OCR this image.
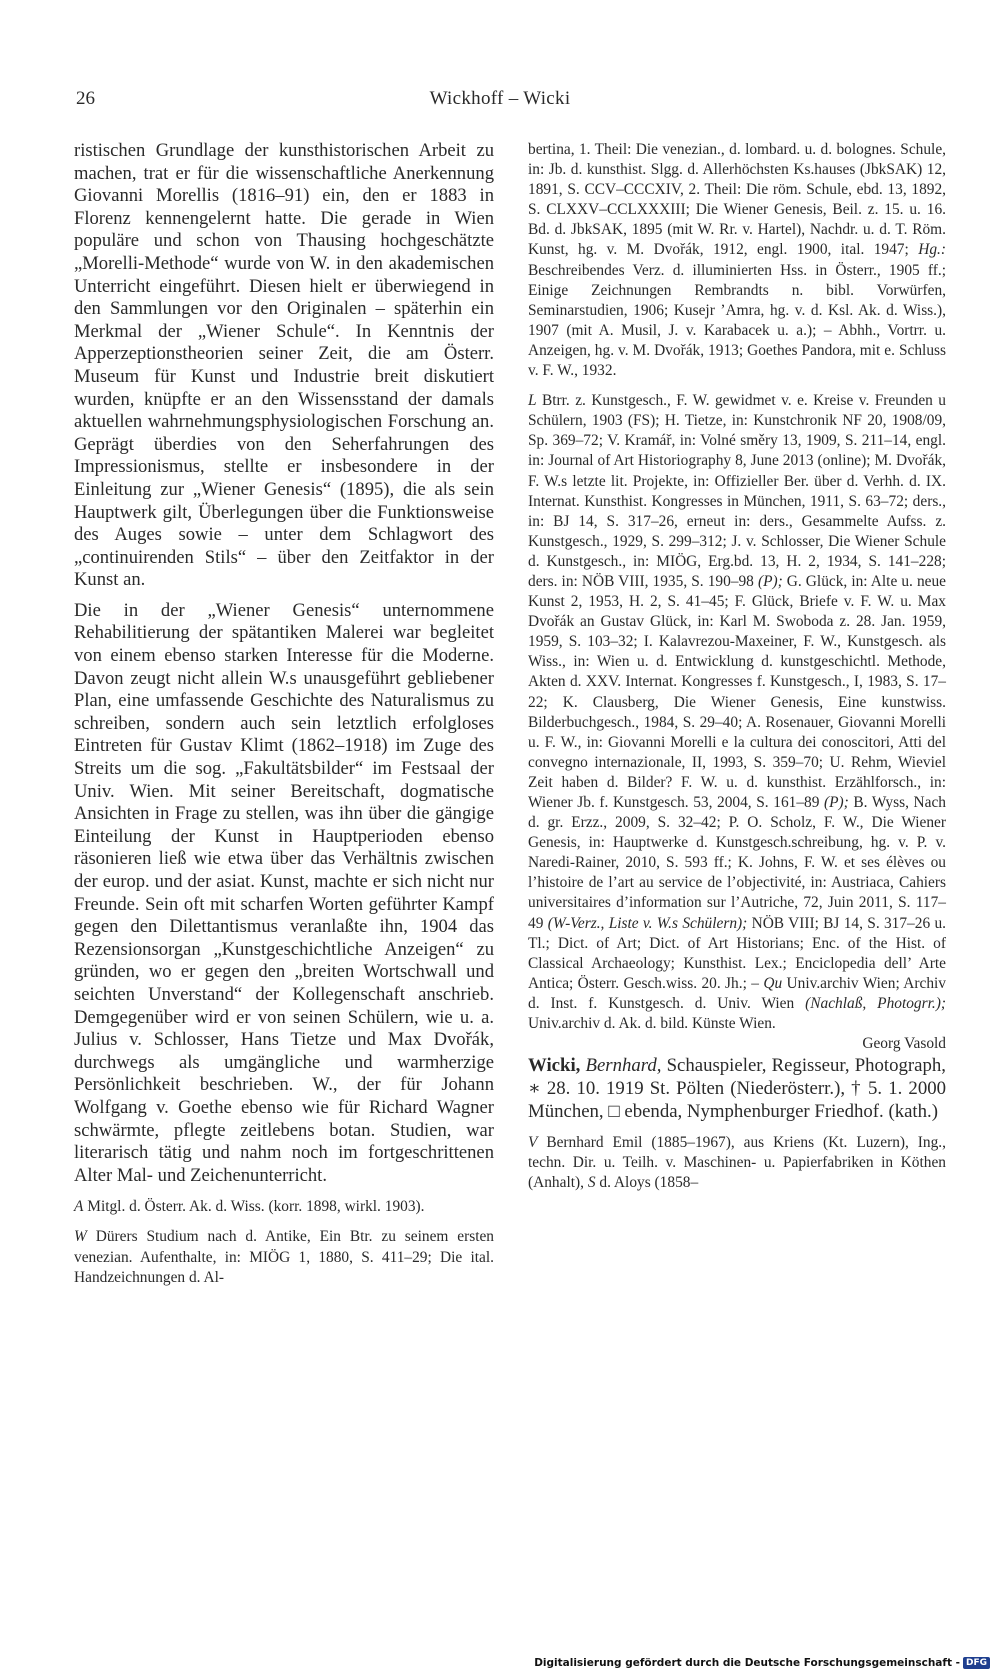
26	Wickhoff – Wicki

ristischen Grundlage der kunsthistorischen Arbeit zu machen, trat er für die wissenschaftliche Anerkennung Giovanni Morellis (1816–91) ein, den er 1883 in Florenz kennengelernt hatte. Die gerade in Wien populäre und schon von Thausing hochgeschätzte „Morelli-Methode“ wurde von W. in den akademischen Unterricht eingeführt. Diesen hielt er überwiegend in den Sammlungen vor den Originalen – späterhin ein Merkmal der „Wiener Schule“. In Kenntnis der Apperzeptionstheorien seiner Zeit, die am Österr. Museum für Kunst und Industrie breit diskutiert wurden, knüpfte er an den Wissensstand der damals aktuellen wahrnehmungsphysiologischen Forschung an. Geprägt überdies von den Seherfahrungen des Impressionismus, stellte er insbesondere in der Einleitung zur „Wiener Genesis“ (1895), die als sein Hauptwerk gilt, Überlegungen über die Funktionsweise des Auges sowie – unter dem Schlagwort des „continuirenden Stils“ – über den Zeitfaktor in der Kunst an.

Die in der „Wiener Genesis“ unternommene Rehabilitierung der spätantiken Malerei war begleitet von einem ebenso starken Interesse für die Moderne. Davon zeugt nicht allein W.s unausgeführt gebliebener Plan, eine umfassende Geschichte des Naturalismus zu schreiben, sondern auch sein letztlich erfolgloses Eintreten für Gustav Klimt (1862–1918) im Zuge des Streits um die sog. „Fakultätsbilder“ im Festsaal der Univ. Wien. Mit seiner Bereitschaft, dogmatische Ansichten in Frage zu stellen, was ihn über die gängige Einteilung der Kunst in Hauptperioden ebenso räsonieren ließ wie etwa über das Verhältnis zwischen der europ. und der asiat. Kunst, machte er sich nicht nur Freunde. Sein oft mit scharfen Worten geführter Kampf gegen den Dilettantismus veranlaßte ihn, 1904 das Rezensionsorgan „Kunstgeschichtliche Anzeigen“ zu gründen, wo er gegen den „breiten Wortschwall und seichten Unverstand“ der Kollegenschaft anschrieb. Demgegenüber wird er von seinen Schülern, wie u. a. Julius v. Schlosser, Hans Tietze und Max Dvořák, durchwegs als umgängliche und warmherzige Persönlichkeit beschrieben. W., der für Johann Wolfgang v. Goethe ebenso wie für Richard Wagner schwärmte, pflegte zeitlebens botan. Studien, war literarisch tätig und nahm noch im fortgeschrittenen Alter Mal- und Zeichenunterricht.

A Mitgl. d. Österr. Ak. d. Wiss. (korr. 1898, wirkl. 1903).

W Dürers Studium nach d. Antike, Ein Btr. zu seinem ersten venezian. Aufenthalte, in: MIÖG 1, 1880, S. 411–29; Die ital. Handzeichnungen d. Al-

bertina, 1. Theil: Die venezian., d. lombard. u. d. bolognes. Schule, in: Jb. d. kunsthist. Slgg. d. Allerhöchsten Ks.hauses (JbkSAK) 12, 1891, S. CCV–CCCXIV, 2. Theil: Die röm. Schule, ebd. 13, 1892, S. CLXXV–CCLXXXIII; Die Wiener Genesis, Beil. z. 15. u. 16. Bd. d. JbkSAK, 1895 (mit W. Rr. v. Hartel), Nachdr. u. d. T. Röm. Kunst, hg. v. M. Dvořák, 1912, engl. 1900, ital. 1947; Hg.: Beschreibendes Verz. d. illuminierten Hss. in Österr., 1905 ff.; Einige Zeichnungen Rembrandts n. bibl. Vorwürfen, Seminarstudien, 1906; Kusejr ’Amra, hg. v. d. Ksl. Ak. d. Wiss.), 1907 (mit A. Musil, J. v. Karabacek u. a.); – Abhh., Vortrr. u. Anzeigen, hg. v. M. Dvořák, 1913; Goethes Pandora, mit e. Schluss v. F. W., 1932.

L Btrr. z. Kunstgesch., F. W. gewidmet v. e. Kreise v. Freunden u Schülern, 1903 (FS); H. Tietze, in: Kunstchronik NF 20, 1908/09, Sp. 369–72; V. Kramář, in: Volné směry 13, 1909, S. 211–14, engl. in: Journal of Art Historiography 8, June 2013 (online); M. Dvořák, F. W.s letzte lit. Projekte, in: Offizieller Ber. über d. Verhh. d. IX. Internat. Kunsthist. Kongresses in München, 1911, S. 63–72; ders., in: BJ 14, S. 317–26, erneut in: ders., Gesammelte Aufss. z. Kunstgesch., 1929, S. 299–312; J. v. Schlosser, Die Wiener Schule d. Kunstgesch., in: MIÖG, Erg.bd. 13, H. 2, 1934, S. 141–228; ders. in: NÖB VIII, 1935, S. 190–98 (P); G. Glück, in: Alte u. neue Kunst 2, 1953, H. 2, S. 41–45; F. Glück, Briefe v. F. W. u. Max Dvořák an Gustav Glück, in: Karl M. Swoboda z. 28. Jan. 1959, 1959, S. 103–32; I. Kalavrezou-Maxeiner, F. W., Kunstgesch. als Wiss., in: Wien u. d. Entwicklung d. kunstgeschichtl. Methode, Akten d. XXV. Internat. Kongresses f. Kunstgesch., I, 1983, S. 17–22; K. Clausberg, Die Wiener Genesis, Eine kunstwiss. Bilderbuchgesch., 1984, S. 29–40; A. Rosenauer, Giovanni Morelli u. F. W., in: Giovanni Morelli e la cultura dei conoscitori, Atti del convegno internazionale, II, 1993, S. 359–70; U. Rehm, Wieviel Zeit haben d. Bilder? F. W. u. d. kunsthist. Erzählforsch., in: Wiener Jb. f. Kunstgesch. 53, 2004, S. 161–89 (P); B. Wyss, Nach d. gr. Erzz., 2009, S. 32–42; P. O. Scholz, F. W., Die Wiener Genesis, in: Hauptwerke d. Kunstgesch.schreibung, hg. v. P. v. Naredi-Rainer, 2010, S. 593 ff.; K. Johns, F. W. et ses élèves ou l’histoire de l’art au service de l’objectivité, in: Austriaca, Cahiers universitaires d’information sur l’Autriche, 72, Juin 2011, S. 117–49 (W-Verz., Liste v. W.s Schülern); NÖB VIII; BJ 14, S. 317–26 u. Tl.; Dict. of Art; Dict. of Art Historians; Enc. of the Hist. of Classical Archaeology; Kunsthist. Lex.; Enciclopedia dell’ Arte Antica; Österr. Gesch.wiss. 20. Jh.; – Qu Univ.archiv Wien; Archiv d. Inst. f. Kunstgesch. d. Univ. Wien (Nachlaß, Photogrr.); Univ.archiv d. Ak. d. bild. Künste Wien.

Georg Vasold

Wicki, Bernhard, Schauspieler, Regisseur, Photograph, ∗ 28. 10. 1919 St. Pölten (Niederösterr.), † 5. 1. 2000 München, □ ebenda, Nymphenburger Friedhof. (kath.)

V Bernhard Emil (1885–1967), aus Kriens (Kt. Luzern), Ing., techn. Dir. u. Teilh. v. Maschinen- u. Papierfabriken in Köthen (Anhalt), S d. Aloys (1858–

Digitalisierung gefördert durch die Deutsche Forschungsgemeinschaft - DFG
